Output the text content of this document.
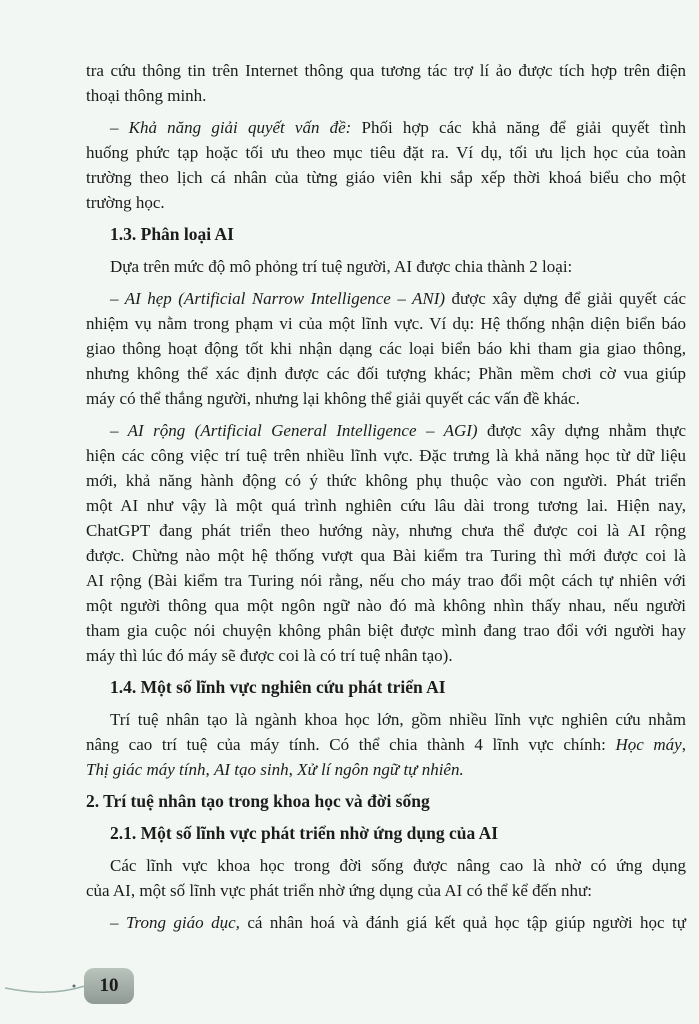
tra cứu thông tin trên Internet thông qua tương tác trợ lí ảo được tích hợp trên điện
thoại thông minh.
– Khả năng giải quyết vấn đề: Phối hợp các khả năng để giải quyết tình
huống phức tạp hoặc tối ưu theo mục tiêu đặt ra. Ví dụ, tối ưu lịch học của toàn
trường theo lịch cá nhân của từng giáo viên khi sắp xếp thời khoá biểu cho một
trường học.
1.3. Phân loại AI
Dựa trên mức độ mô phỏng trí tuệ người, AI được chia thành 2 loại:
– AI hẹp (Artificial Narrow Intelligence – ANI) được xây dựng để giải quyết các
nhiệm vụ nằm trong phạm vi của một lĩnh vực. Ví dụ: Hệ thống nhận diện biển báo
giao thông hoạt động tốt khi nhận dạng các loại biển báo khi tham gia giao thông,
nhưng không thể xác định được các đối tượng khác; Phần mềm chơi cờ vua giúp
máy có thể thắng người, nhưng lại không thể giải quyết các vấn đề khác.
– AI rộng (Artificial General Intelligence – AGI) được xây dựng nhằm thực
hiện các công việc trí tuệ trên nhiều lĩnh vực. Đặc trưng là khả năng học từ dữ liệu
mới, khả năng hành động có ý thức không phụ thuộc vào con người. Phát triển
một AI như vậy là một quá trình nghiên cứu lâu dài trong tương lai. Hiện nay,
ChatGPT đang phát triển theo hướng này, nhưng chưa thể được coi là AI rộng
được. Chừng nào một hệ thống vượt qua Bài kiểm tra Turing thì mới được coi là
AI rộng (Bài kiểm tra Turing nói rằng, nếu cho máy trao đổi một cách tự nhiên với
một người thông qua một ngôn ngữ nào đó mà không nhìn thấy nhau, nếu người
tham gia cuộc nói chuyện không phân biệt được mình đang trao đổi với người hay
máy thì lúc đó máy sẽ được coi là có trí tuệ nhân tạo).
1.4. Một số lĩnh vực nghiên cứu phát triển AI
Trí tuệ nhân tạo là ngành khoa học lớn, gồm nhiều lĩnh vực nghiên cứu nhằm
nâng cao trí tuệ của máy tính. Có thể chia thành 4 lĩnh vực chính: Học máy,
Thị giác máy tính, AI tạo sinh, Xử lí ngôn ngữ tự nhiên.
2. Trí tuệ nhân tạo trong khoa học và đời sống
2.1. Một số lĩnh vực phát triển nhờ ứng dụng của AI
Các lĩnh vực khoa học trong đời sống được nâng cao là nhờ có ứng dụng
của AI, một số lĩnh vực phát triển nhờ ứng dụng của AI có thể kể đến như:
– Trong giáo dục, cá nhân hoá và đánh giá kết quả học tập giúp người học tự
10
